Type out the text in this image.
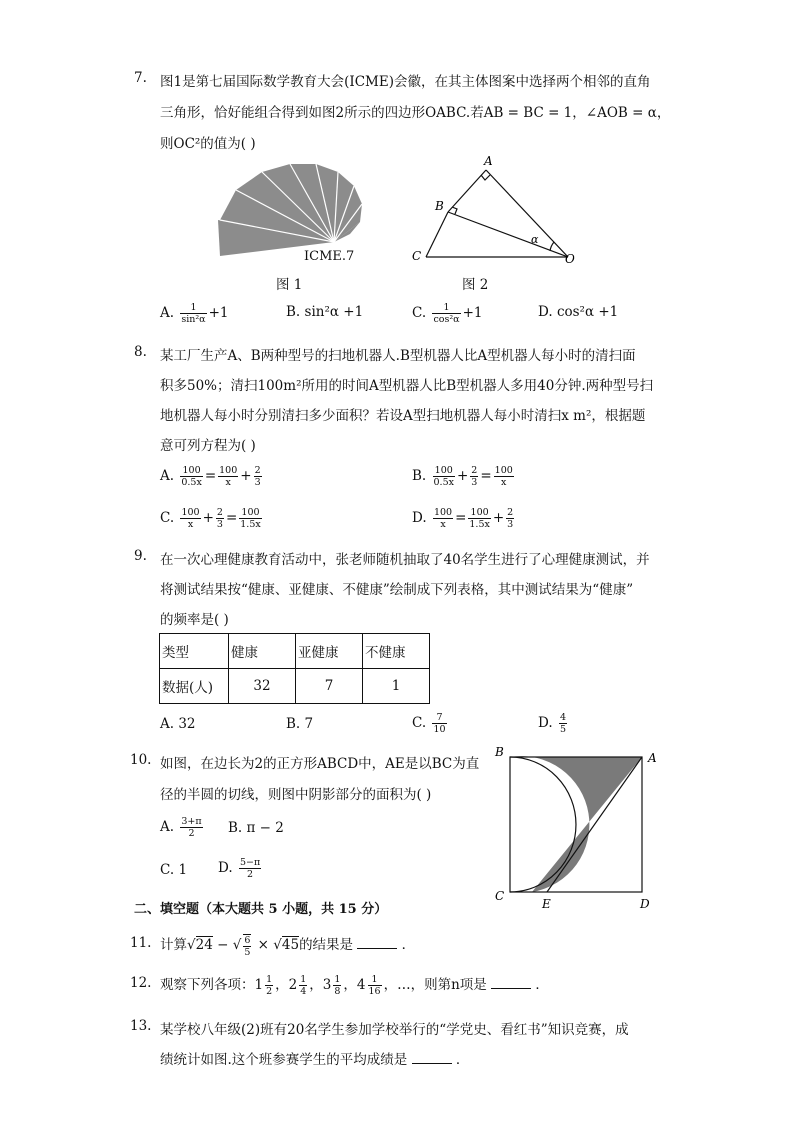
7. 图1是第七届国际数学教育大会(ICME)会徽，在其主体图案中选择两个相邻的直角
三角形，恰好能组合得到如图2所示的四边形OABC.若AB = BC = 1，∠AOB = α，
则OC²的值为( )
ICME.7
图 1
A
B
C	O
α
图 2
A. $\frac{1}{\text{sin²α}} +1$	B. sin²α +1	C. $\frac{1}{\text{cos²α}} +1$	D. cos²α +1
8. 某工厂生产A、B两种型号的扫地机器人.B型机器人比A型机器人每小时的清扫面
积多50%；清扫100m²所用的时间A型机器人比B型机器人多用40分钟.两种型号扫
地机器人每小时分别清扫多少面积？若设A型扫地机器人每小时清扫x m²，根据题
意可列方程为( )
A. $\frac{100}{0.5x} = \frac{100}{x} + \frac{2}{3}$	B. $\frac{100}{0.5x} + \frac{2}{3} = \frac{100}{x}$
C. $\frac{100}{x} + \frac{2}{3} = \frac{100}{1.5x}$	D. $\frac{100}{x} = \frac{100}{1.5x} + \frac{2}{3}$
9. 在一次心理健康教育活动中，张老师随机抽取了40名学生进行了心理健康测试，并
将测试结果按“健康、亚健康、不健康”绘制成下列表格，其中测试结果为“健康”
的频率是( )
类型	健康	亚健康	不健康
数据(人)	32	7	1
A. 32	B. 7	C. $\frac{7}{10}$	D. $\frac{4}{5}$
10. 如图，在边长为2的正方形ABCD中，AE是以BC为直
径的半圆的切线，则图中阴影部分的面积为( )
A. $\frac{3+\pi}{2} B$. π − 2
C. 1 D. $\frac{5-\pi}{2}$
B	A
C
E	D
二、填空题（本大题共 5 小题，共 15 分）
11. 计算√24 − √ $\frac{6}{5} \times √45$的结果是	．
12. 观察下列各项：$1 \frac{1}{2}$ ，$2 \frac{1}{4}$ ，$3 \frac{1}{8}$ ，$4 \frac{1}{16}$ ，…，则第n项是	．
13. 某学校八年级(2)班有20名学生参加学校举行的“学党史、看红书”知识竞赛，成
绩统计如图.这个班参赛学生的平均成绩是	．
